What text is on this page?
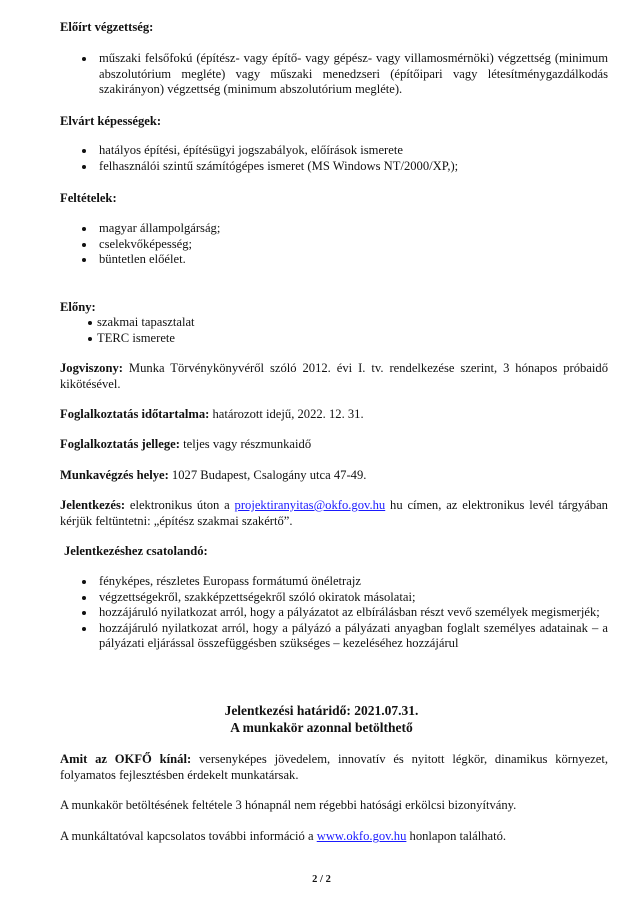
Előírt végzettség:
műszaki felsőfokú (építész- vagy építő- vagy gépész- vagy villamosmérnöki) végzettség (minimum abszolutórium megléte) vagy műszaki menedzseri (építőipari vagy létesítménygazdálkodás szakirányon) végzettség (minimum abszolutórium megléte).
Elvárt képességek:
hatályos építési, építésügyi jogszabályok, előírások ismerete
felhasználói szintű számítógépes ismeret (MS Windows NT/2000/XP,);
Feltételek:
magyar állampolgárság;
cselekvőképesség;
büntetlen előélet.
Előny:
szakmai tapasztalat
TERC ismerete
Jogviszony: Munka Törvénykönyvéről szóló 2012. évi I. tv. rendelkezése szerint, 3 hónapos próbaidő kikötésével.
Foglalkoztatás időtartalma: határozott idejű, 2022. 12. 31.
Foglalkoztatás jellege: teljes vagy részmunkaidő
Munkavégzés helye: 1027 Budapest, Csalogány utca 47-49.
Jelentkezés: elektronikus úton a projektiranyitas@okfo.gov.hu hu címen, az elektronikus levél tárgyában kérjük feltüntetni: „építész szakmai szakértő”.
Jelentkezéshez csatolandó:
fényképes, részletes Europass formátumú önéletrajz
végzettségekről, szakképzettségekről szóló okiratok másolatai;
hozzájáruló nyilatkozat arról, hogy a pályázatot az elbírálásban részt vevő személyek megismerjék;
hozzájáruló nyilatkozat arról, hogy a pályázó a pályázati anyagban foglalt személyes adatainak – a pályázati eljárással összefüggésben szükséges – kezeléséhez hozzájárul
Jelentkezési határidő: 2021.07.31.
A munkakör azonnal betölthető
Amit az OKFŐ kínál: versenyképes jövedelem, innovatív és nyitott légkör, dinamikus környezet, folyamatos fejlesztésben érdekelt munkatársak.
A munkakör betöltésének feltétele 3 hónapnál nem régebbi hatósági erkölcsi bizonyítvány.
A munkáltatóval kapcsolatos további információ a www.okfo.gov.hu honlapon található.
2 / 2
